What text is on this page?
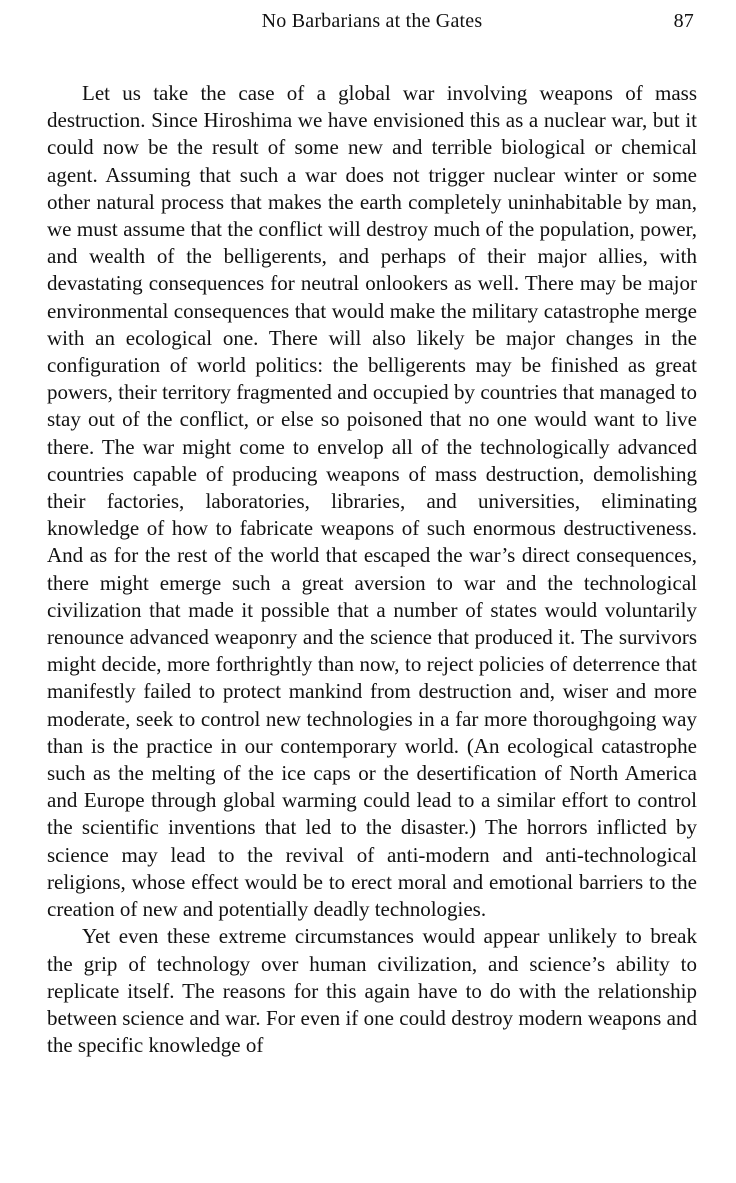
No Barbarians at the Gates	87

Let us take the case of a global war involving weapons of mass destruction. Since Hiroshima we have envisioned this as a nuclear war, but it could now be the result of some new and terrible biological or chemical agent. Assuming that such a war does not trigger nuclear winter or some other natural process that makes the earth completely uninhabitable by man, we must assume that the conflict will destroy much of the population, power, and wealth of the belligerents, and perhaps of their major allies, with devastating consequences for neutral onlookers as well. There may be major environmental consequences that would make the military catastrophe merge with an ecological one. There will also likely be major changes in the configuration of world politics: the belligerents may be finished as great powers, their territory fragmented and occupied by countries that managed to stay out of the conflict, or else so poisoned that no one would want to live there. The war might come to envelop all of the technologically advanced countries capable of producing weapons of mass destruction, demolishing their factories, laboratories, libraries, and universities, eliminating knowledge of how to fabricate weapons of such enormous destructiveness. And as for the rest of the world that escaped the war’s direct consequences, there might emerge such a great aversion to war and the technological civilization that made it possible that a number of states would voluntarily renounce advanced weaponry and the science that produced it. The survivors might decide, more forthrightly than now, to reject policies of deterrence that manifestly failed to protect mankind from destruction and, wiser and more moderate, seek to control new technologies in a far more thoroughgoing way than is the practice in our contemporary world. (An ecological catastrophe such as the melting of the ice caps or the desertification of North America and Europe through global warming could lead to a similar effort to control the scientific inventions that led to the disaster.) The horrors inflicted by science may lead to the revival of anti-modern and anti-technological religions, whose effect would be to erect moral and emotional barriers to the creation of new and potentially deadly technologies.

Yet even these extreme circumstances would appear unlikely to break the grip of technology over human civilization, and science’s ability to replicate itself. The reasons for this again have to do with the relationship between science and war. For even if one could destroy modern weapons and the specific knowledge of
